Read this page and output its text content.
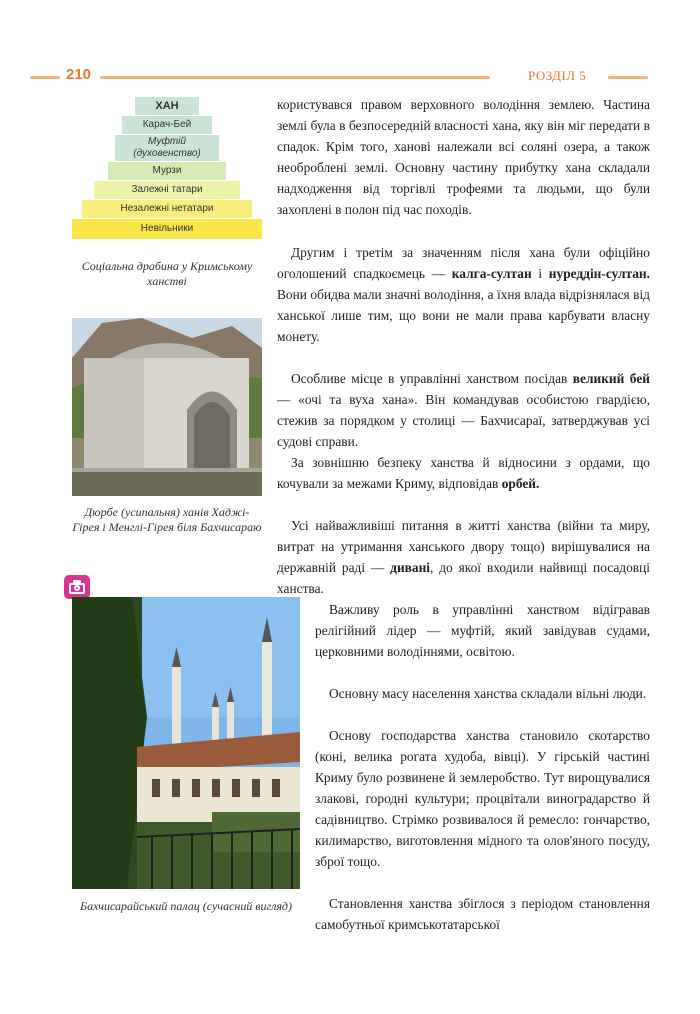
210	РОЗДІЛ 5
ХАН
Карач-Бей
Муфтій (духовенство)
Мурзи
Залежні татари
Незалежні нетатари
Невільники
Соціальна драбина у Кримському ханстві
Дюрбе (усипальня) ханів Хаджі-Гірея і Менглі-Гірея біля Бахчисараю
Бахчисарайський палац (сучасний вигляд)

користувався правом верховного володіння землею. Частина землі була в безпосередній власності хана, яку він міг передати в спадок. Крім того, ханові належали всі соляні озера, а також необроблені землі. Основну частину прибутку хана складали надходження від торгівлі трофеями та людьми, що були захоплені в полон під час походів.

Другим і третім за значенням після хана були офіційно оголошений спадкоємець — калга-султан і нуреддін-султан. Вони обидва мали значні володіння, а їхня влада відрізнялася від ханської лише тим, що вони не мали права карбувати власну монету.

Особливе місце в управлінні ханством посідав великий бей — «очі та вуха хана». Він командував особистою гвардією, стежив за порядком у столиці — Бахчисараї, затверджував усі судові справи.

За зовнішню безпеку ханства й відносини з ордами, що кочували за межами Криму, відповідав орбей.

Усі найважливіші питання в житті ханства (війни та миру, витрат на утримання ханського двору тощо) вирішувалися на державній раді — дивані, до якої входили найвищі посадовці ханства.

Важливу роль в управлінні ханством відігравав релігійний лідер — муфтій, який завідував судами, церковними володіннями, освітою.

Основну масу населення ханства складали вільні люди.

Основу господарства ханства становило скотарство (коні, велика рогата худоба, вівці). У гірській частині Криму було розвинене й землеробство. Тут вирощувалися злакові, городні культури; процвітали виноградарство й садівництво. Стрімко розвивалося й ремесло: гончарство, килимарство, виготовлення мідного та олов'яного посуду, зброї тощо.

Становлення ханства збіглося з періодом становлення самобутньої кримськотатарської
